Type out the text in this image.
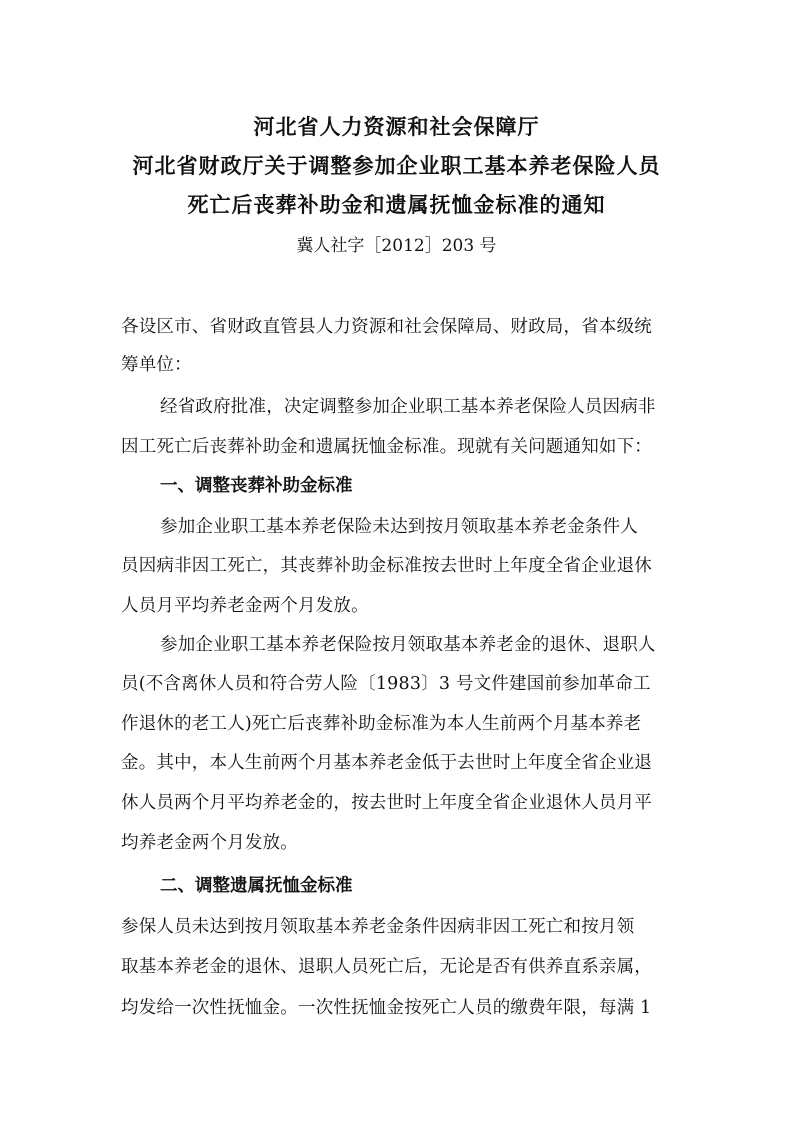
河北省人力资源和社会保障厅
河北省财政厅关于调整参加企业职工基本养老保险人员
死亡后丧葬补助金和遗属抚恤金标准的通知
冀人社字［2012］203 号
各设区市、省财政直管县人力资源和社会保障局、财政局，省本级统
筹单位：
经省政府批准，决定调整参加企业职工基本养老保险人员因病非
因工死亡后丧葬补助金和遗属抚恤金标准。现就有关问题通知如下：
一、调整丧葬补助金标准
参加企业职工基本养老保险未达到按月领取基本养老金条件人
员因病非因工死亡，其丧葬补助金标准按去世时上年度全省企业退休
人员月平均养老金两个月发放。
参加企业职工基本养老保险按月领取基本养老金的退休、退职人
员(不含离休人员和符合劳人险〔1983〕3 号文件建国前参加革命工
作退休的老工人)死亡后丧葬补助金标准为本人生前两个月基本养老
金。其中，本人生前两个月基本养老金低于去世时上年度全省企业退
休人员两个月平均养老金的，按去世时上年度全省企业退休人员月平
均养老金两个月发放。
二、调整遗属抚恤金标准
参保人员未达到按月领取基本养老金条件因病非因工死亡和按月领
取基本养老金的退休、退职人员死亡后，无论是否有供养直系亲属，
均发给一次性抚恤金。一次性抚恤金按死亡人员的缴费年限，每满 1
